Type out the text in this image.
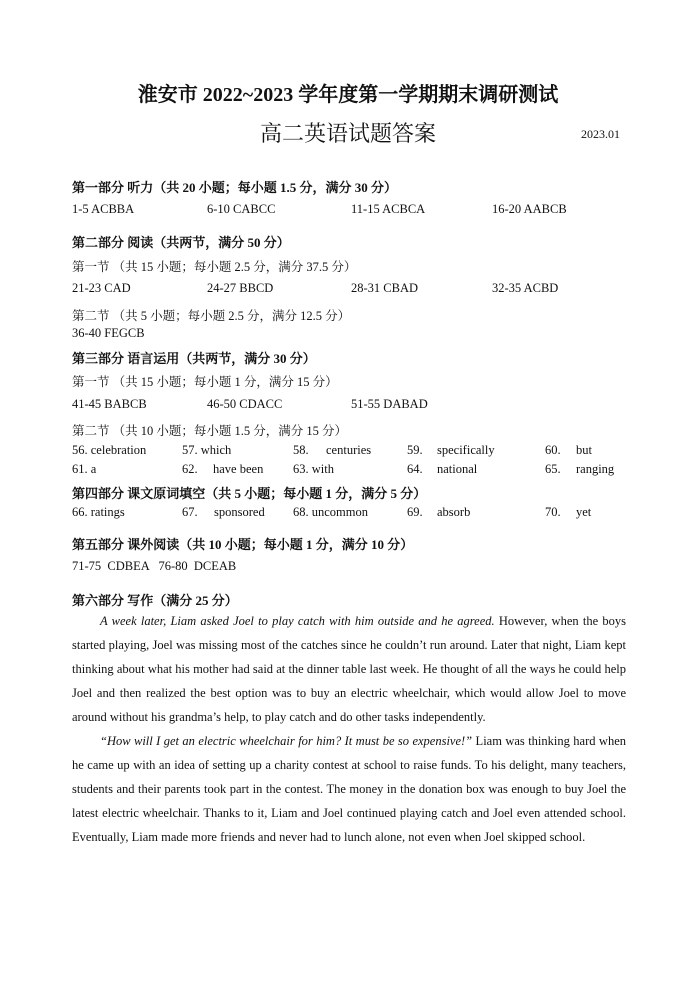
淮安市 2022~2023 学年度第一学期期末调研测试
高二英语试题答案	2023.01
第一部分 听力（共 20 小题；每小题 1.5 分，满分 30 分）
1-5 ACBBA	6-10 CABCC	11-15 ACBCA	16-20 AABCB
第二部分 阅读（共两节，满分 50 分）
第一节 （共 15 小题；每小题 2.5 分，满分 37.5 分）
21-23 CAD	24-27 BBCD	28-31 CBAD	32-35 ACBD
第二节 （共 5 小题；每小题 2.5 分，满分 12.5 分）
36-40 FEGCB
第三部分 语言运用（共两节，满分 30 分）
第一节 （共 15 小题；每小题 1 分，满分 15 分）
41-45 BABCB	46-50 CDACC	51-55 DABAD
第二节 （共 10 小题；每小题 1.5 分，满分 15 分）
56. celebration	57. which	58. centuries	59. specifically	60. but
61. a	62. have been 63. with	64. national	65. ranging
第四部分 课文原词填空（共 5 小题；每小题 1 分，满分 5 分）
66. ratings	67. sponsored 68. uncommon	69. absorb	70. yet
第五部分 课外阅读（共 10 小题；每小题 1 分，满分 10 分）
71-75  CDBEA   76-80  DCEAB
第六部分 写作（满分 25 分）
A week later, Liam asked Joel to play catch with him outside and he agreed. However, when the boys started playing, Joel was missing most of the catches since he couldn’t run around. Later that night, Liam kept thinking about what his mother had said at the dinner table last week. He thought of all the ways he could help Joel and then realized the best option was to buy an electric wheelchair, which would allow Joel to move around without his grandma’s help, to play catch and do other tasks independently.
“How will I get an electric wheelchair for him? It must be so expensive!” Liam was thinking hard when he came up with an idea of setting up a charity contest at school to raise funds. To his delight, many teachers, students and their parents took part in the contest. The money in the donation box was enough to buy Joel the latest electric wheelchair. Thanks to it, Liam and Joel continued playing catch and Joel even attended school. Eventually, Liam made more friends and never had to lunch alone, not even when Joel skipped school.
